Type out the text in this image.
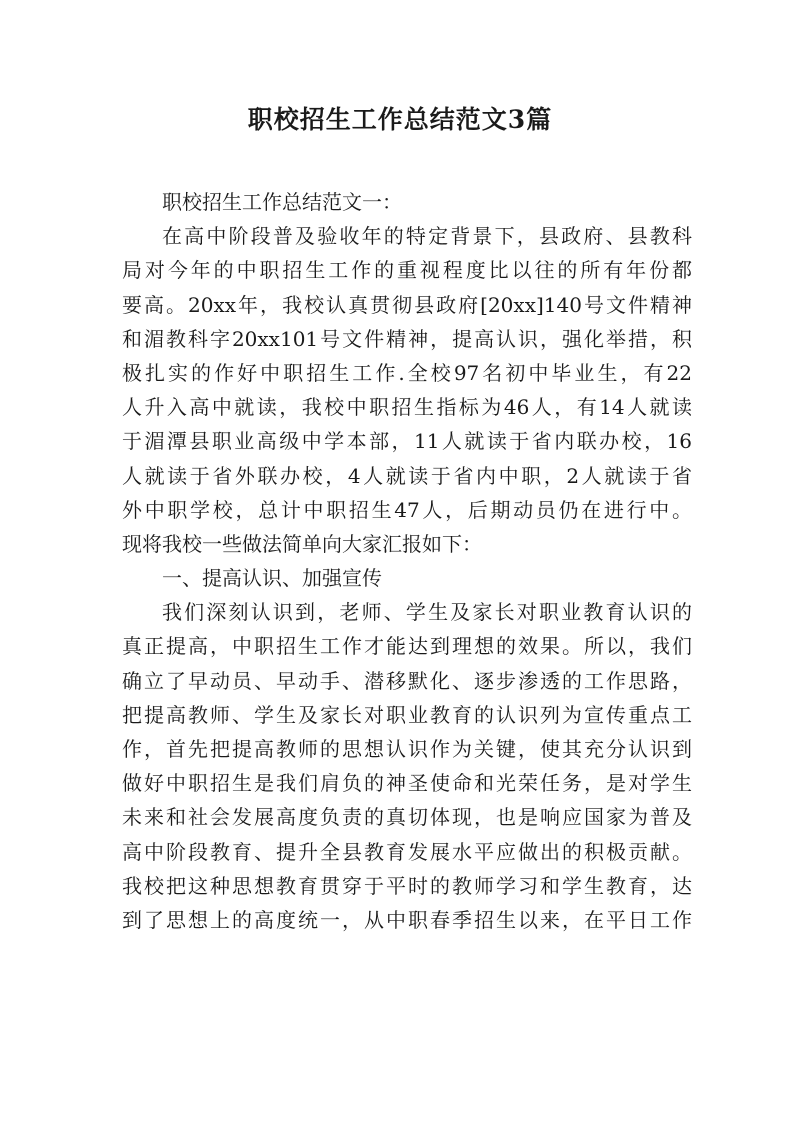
职校招生工作总结范文3篇
职校招生工作总结范文一：
在高中阶段普及验收年的特定背景下，县政府、县教科
局对今年的中职招生工作的重视程度比以往的所有年份都
要高。20xx年，我校认真贯彻县政府[20xx]140号文件精神
和湄教科字20xx101号文件精神，提高认识，强化举措，积
极扎实的作好中职招生工作.全校97名初中毕业生，有22
人升入高中就读，我校中职招生指标为46人，有14人就读
于湄潭县职业高级中学本部，11人就读于省内联办校，16
人就读于省外联办校，4人就读于省内中职，2人就读于省
外中职学校，总计中职招生47人，后期动员仍在进行中。
现将我校一些做法简单向大家汇报如下：
一、提高认识、加强宣传
我们深刻认识到，老师、学生及家长对职业教育认识的
真正提高，中职招生工作才能达到理想的效果。所以，我们
确立了早动员、早动手、潜移默化、逐步渗透的工作思路，
把提高教师、学生及家长对职业教育的认识列为宣传重点工
作，首先把提高教师的思想认识作为关键，使其充分认识到
做好中职招生是我们肩负的神圣使命和光荣任务，是对学生
未来和社会发展高度负责的真切体现，也是响应国家为普及
高中阶段教育、提升全县教育发展水平应做出的积极贡献。
我校把这种思想教育贯穿于平时的教师学习和学生教育，达
到了思想上的高度统一，从中职春季招生以来，在平日工作
